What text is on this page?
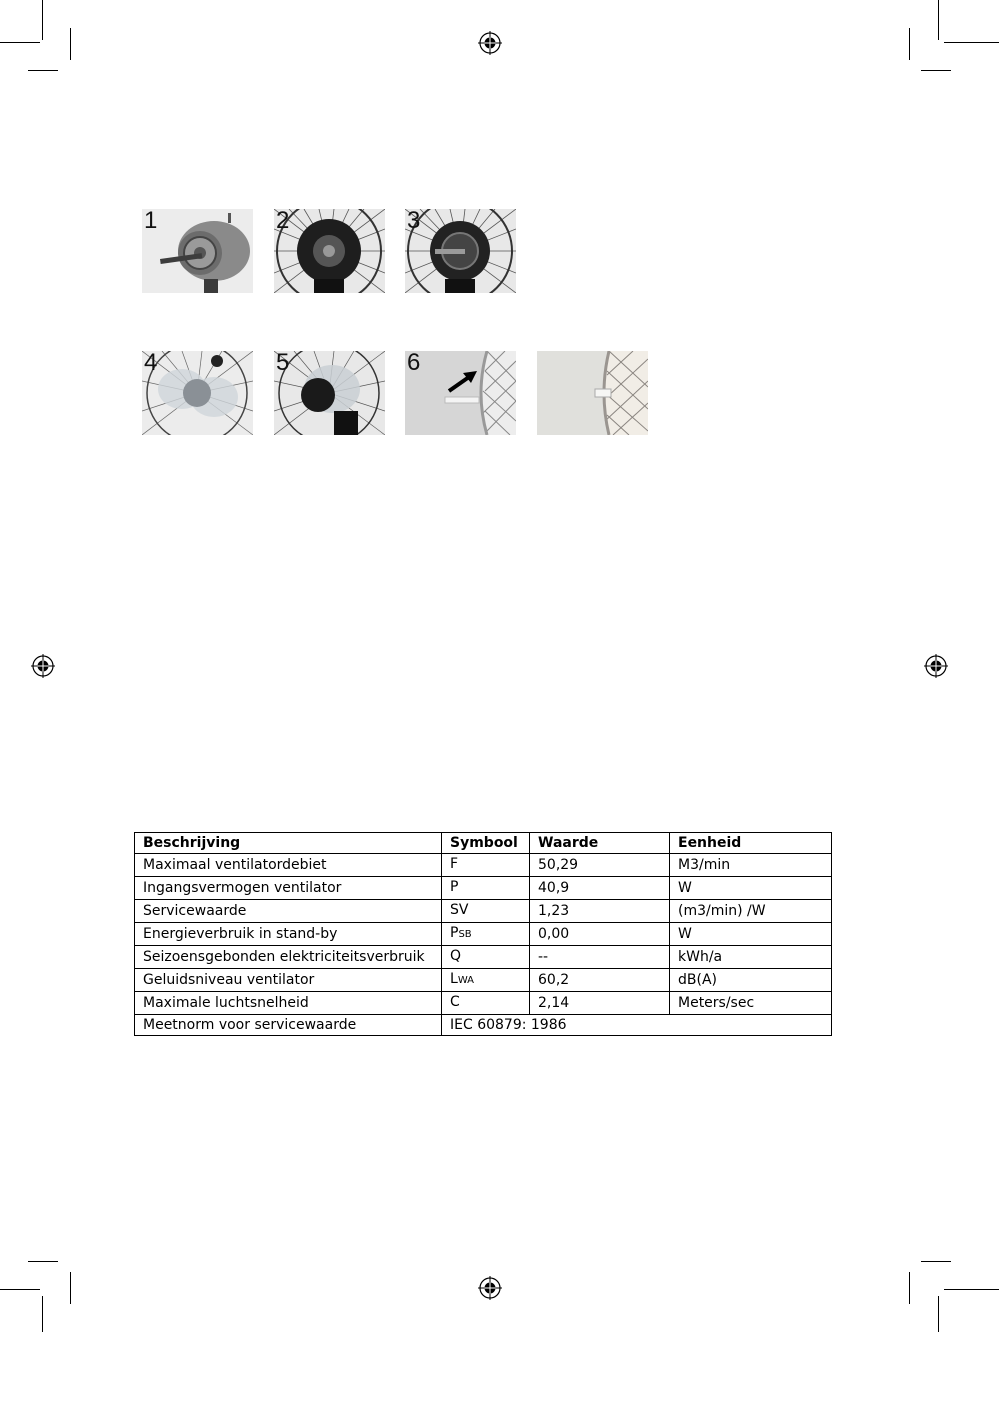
1	2	3
4	5	6
Beschrijving	Symbool	Waarde	Eenheid
Maximaal ventilatordebiet	F	50,29	M3/min
Ingangsvermogen ventilator	P	40,9	W
Servicewaarde	SV	1,23	(m3/min) /W
Energieverbruik in stand-by	PSB	0,00	W
Seizoensgebonden elektriciteitsverbruik	Q	--	kWh/a
Geluidsniveau ventilator	LWA	60,2	dB(A)
Maximale luchtsnelheid	C	2,14	Meters/sec
Meetnorm voor servicewaarde	IEC 60879: 1986		
